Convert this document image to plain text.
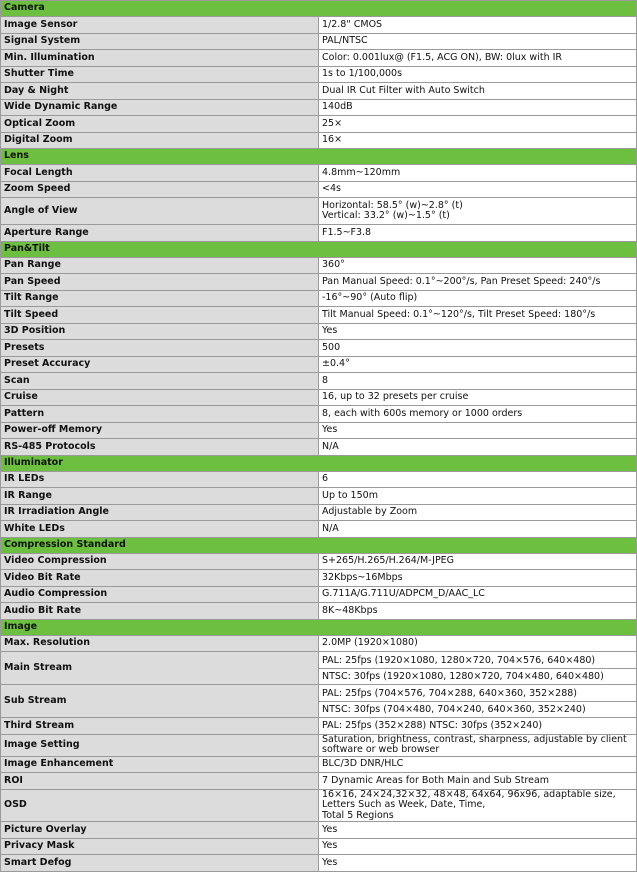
Camera	
Image Sensor	1/2.8" CMOS
Signal System	PAL/NTSC
Min. Illumination	Color: 0.001lux@ (F1.5, ACG ON), BW: 0lux with IR
Shutter Time	1s to 1/100,000s
Day & Night	Dual IR Cut Filter with Auto Switch
Wide Dynamic Range	140dB
Optical Zoom	25×
Digital Zoom	16×
Lens	
Focal Length	4.8mm~120mm
Zoom Speed	<4s
Angle of View	Horizontal: 58.5° (w)~2.8° (t)
Vertical: 33.2° (w)~1.5° (t)

Aperture Range	F1.5~F3.8
Pan&Tilt	
Pan Range	360°
Pan Speed	Pan Manual Speed: 0.1°~200°/s, Pan Preset Speed: 240°/s
Tilt Range	-16°~90° (Auto flip)
Tilt Speed	Tilt Manual Speed: 0.1°~120°/s, Tilt Preset Speed: 180°/s
3D Position	Yes
Presets	500
Preset Accuracy	±0.4°
Scan	8
Cruise	16, up to 32 presets per cruise
Pattern	8, each with 600s memory or 1000 orders
Power-off Memory	Yes
RS-485 Protocols	N/A
Illuminator	
IR LEDs	6
IR Range	Up to 150m
IR Irradiation Angle	Adjustable by Zoom
White LEDs	N/A
Compression Standard	
Video Compression	S+265/H.265/H.264/M-JPEG
Video Bit Rate	32Kbps~16Mbps
Audio Compression	G.711A/G.711U/ADPCM_D/AAC_LC
Audio Bit Rate	8K~48Kbps
Image	
Max. Resolution	2.0MP (1920×1080)
Main Stream	PAL: 25fps (1920×1080, 1280×720, 704×576, 640×480)
NTSC: 30fps (1920×1080, 1280×720, 704×480, 640×480)

Sub Stream	PAL: 25fps (704×576, 704×288, 640×360, 352×288)
NTSC: 30fps (704×480, 704×240, 640×360, 352×240)

Third Stream	PAL: 25fps (352×288) NTSC: 30fps (352×240)
Image Setting	Saturation, brightness, contrast, sharpness, adjustable by client software or web browser
Image Enhancement	BLC/3D DNR/HLC
ROI	7 Dynamic Areas for Both Main and Sub Stream
OSD	16×16, 24×24,32×32, 48×48, 64x64, 96x96, adaptable size, Letters Such as Week, Date, Time,
Total 5 Regions

Picture Overlay	Yes
Privacy Mask	Yes
Smart Defog	Yes
